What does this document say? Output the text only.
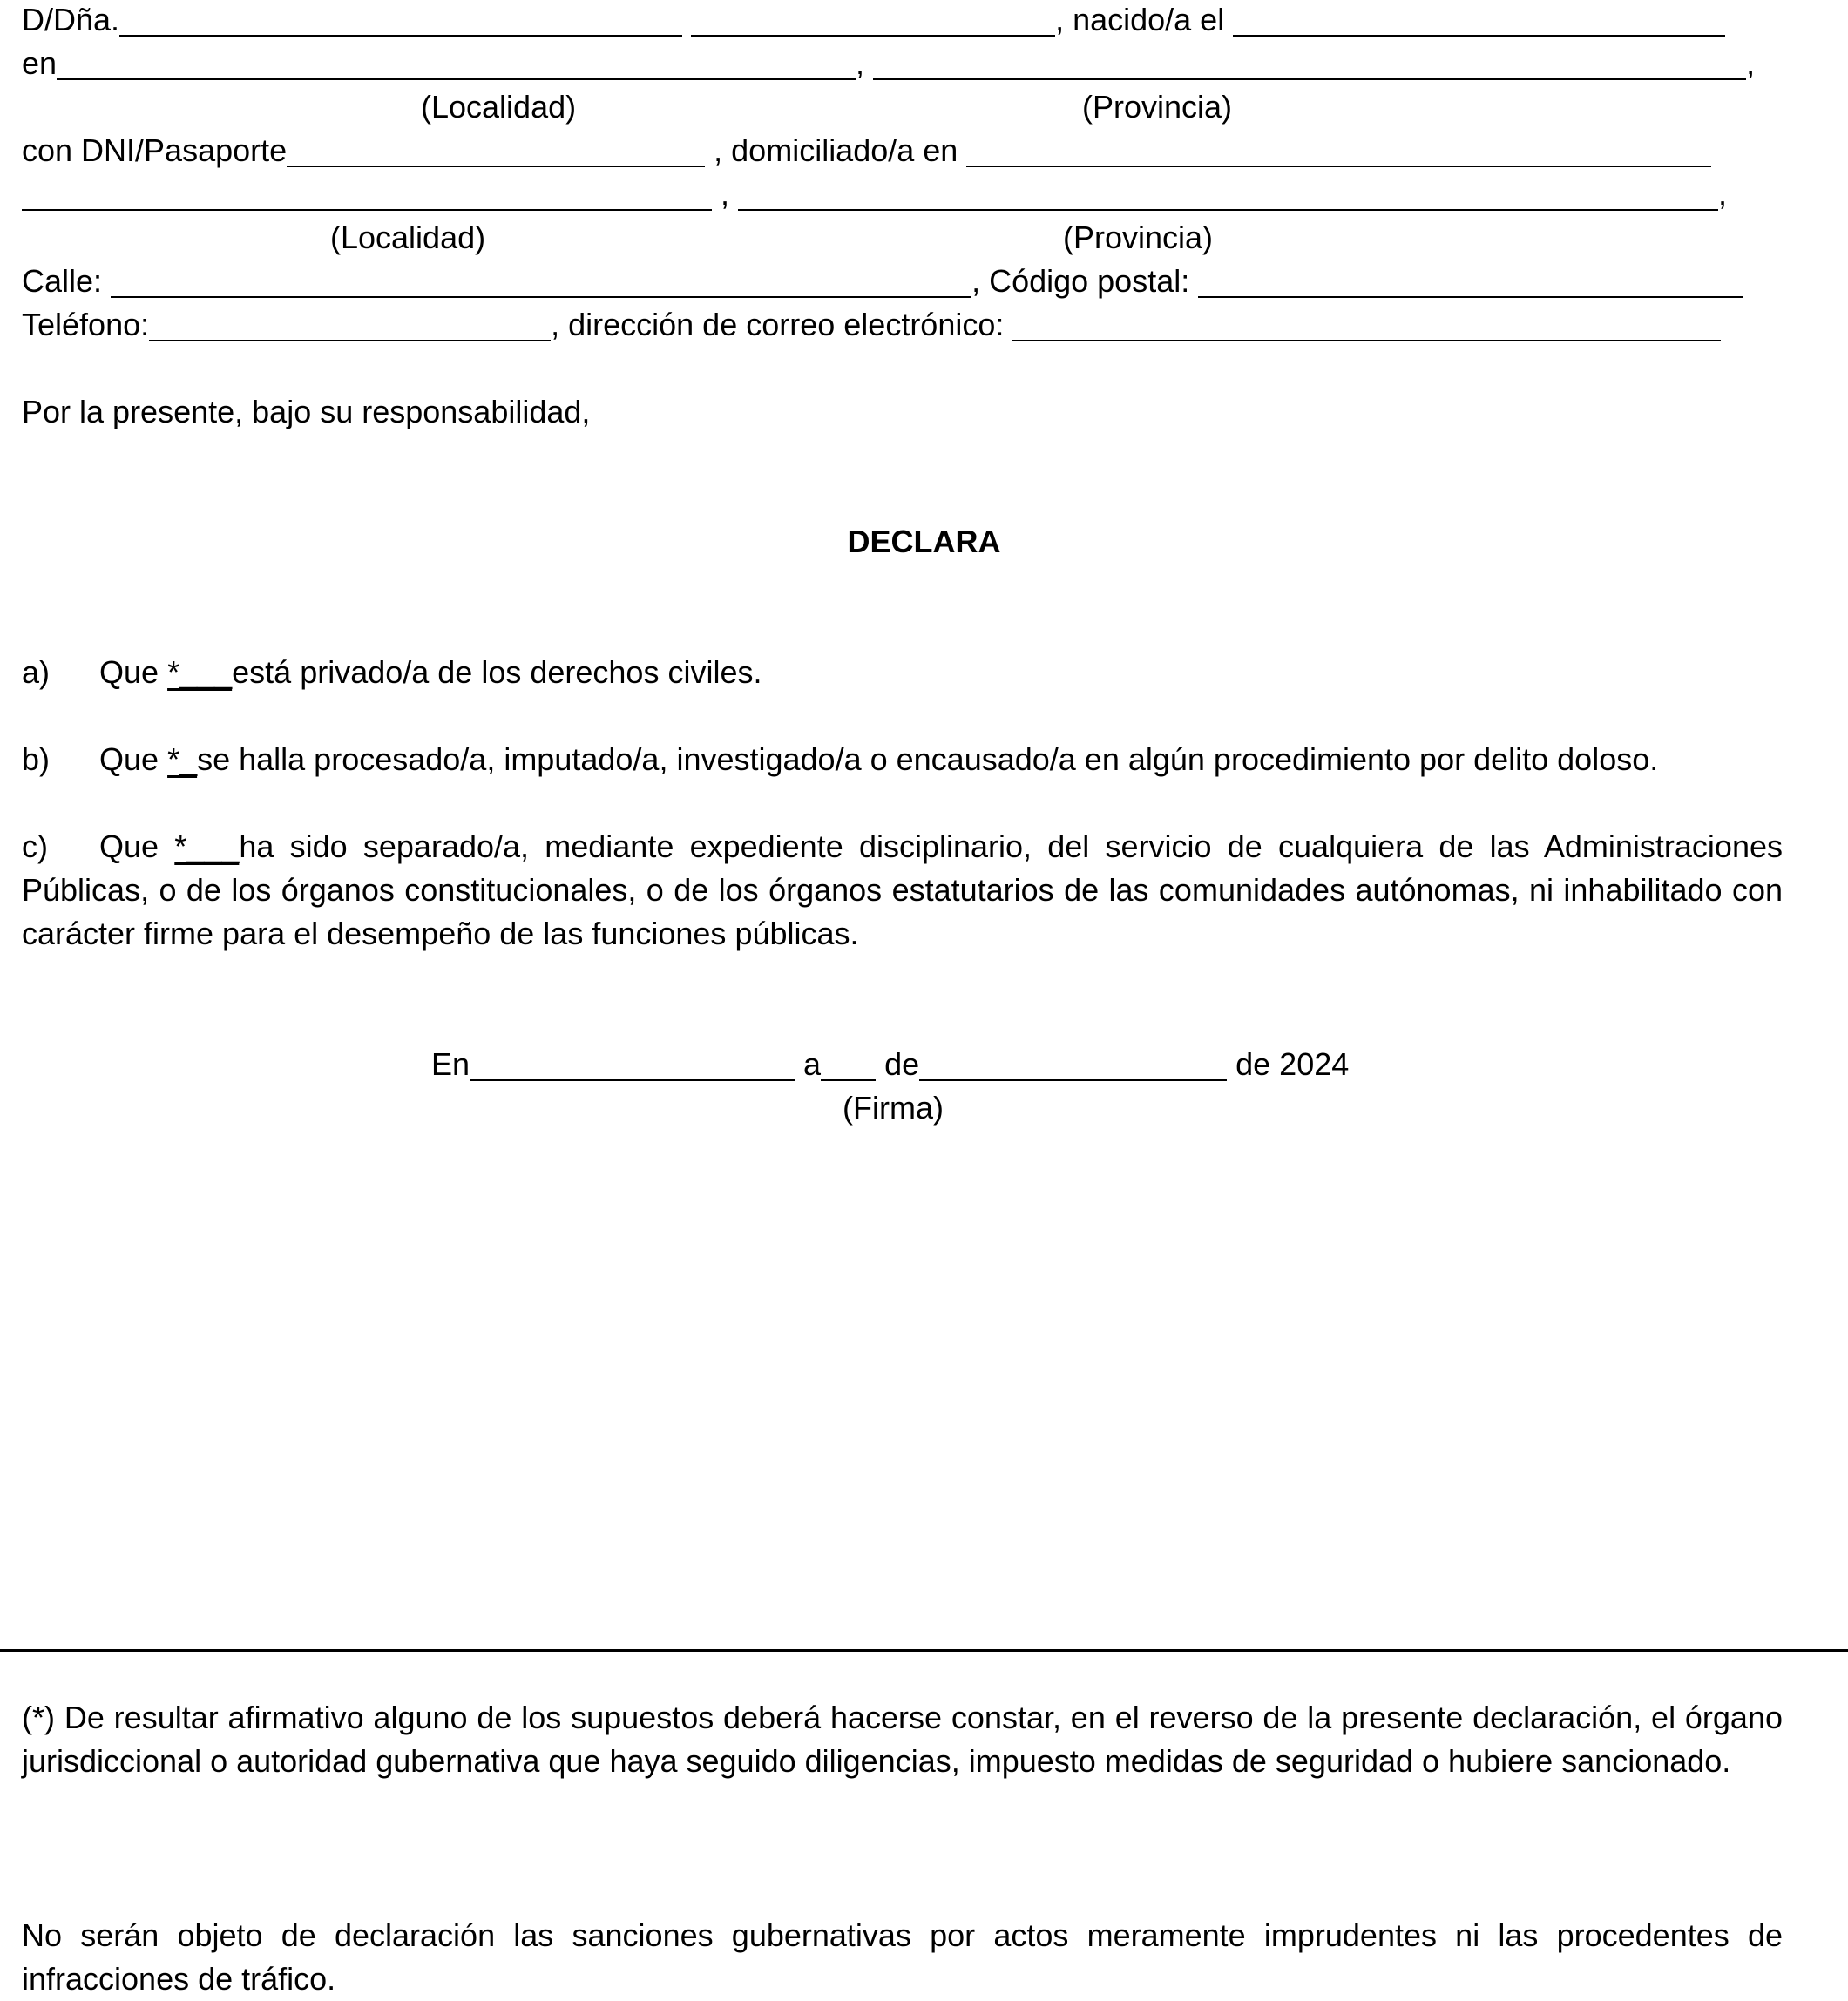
D/Dña.	, nacido/a el
en	,	,
(Localidad)	(Provincia)
con DNI/Pasaporte	, domiciliado/a en
,	,
(Localidad)	(Provincia)
Calle:	, Código postal:
Teléfono:	, dirección de correo electrónico:
Por la presente, bajo su responsabilidad,
DECLARA
a) Que *___está privado/a de los derechos civiles.
b) Que *_se halla procesado/a, imputado/a, investigado/a o encausado/a en algún procedimiento por delito doloso.
c) Que *___ha sido separado/a, mediante expediente disciplinario, del servicio de cualquiera de las Administraciones Públicas, o de los órganos constitucionales, o de los órganos estatutarios de las comunidades autónomas, ni inhabilitado con carácter firme para el desempeño de las funciones públicas.
En	a de	de 2024
(Firma)
(*) De resultar afirmativo alguno de los supuestos deberá hacerse constar, en el reverso de la presente declaración, el órgano jurisdiccional o autoridad gubernativa que haya seguido diligencias, impuesto medidas de seguridad o hubiere sancionado.
No serán objeto de declaración las sanciones gubernativas por actos meramente imprudentes ni las procedentes de infracciones de tráfico.
